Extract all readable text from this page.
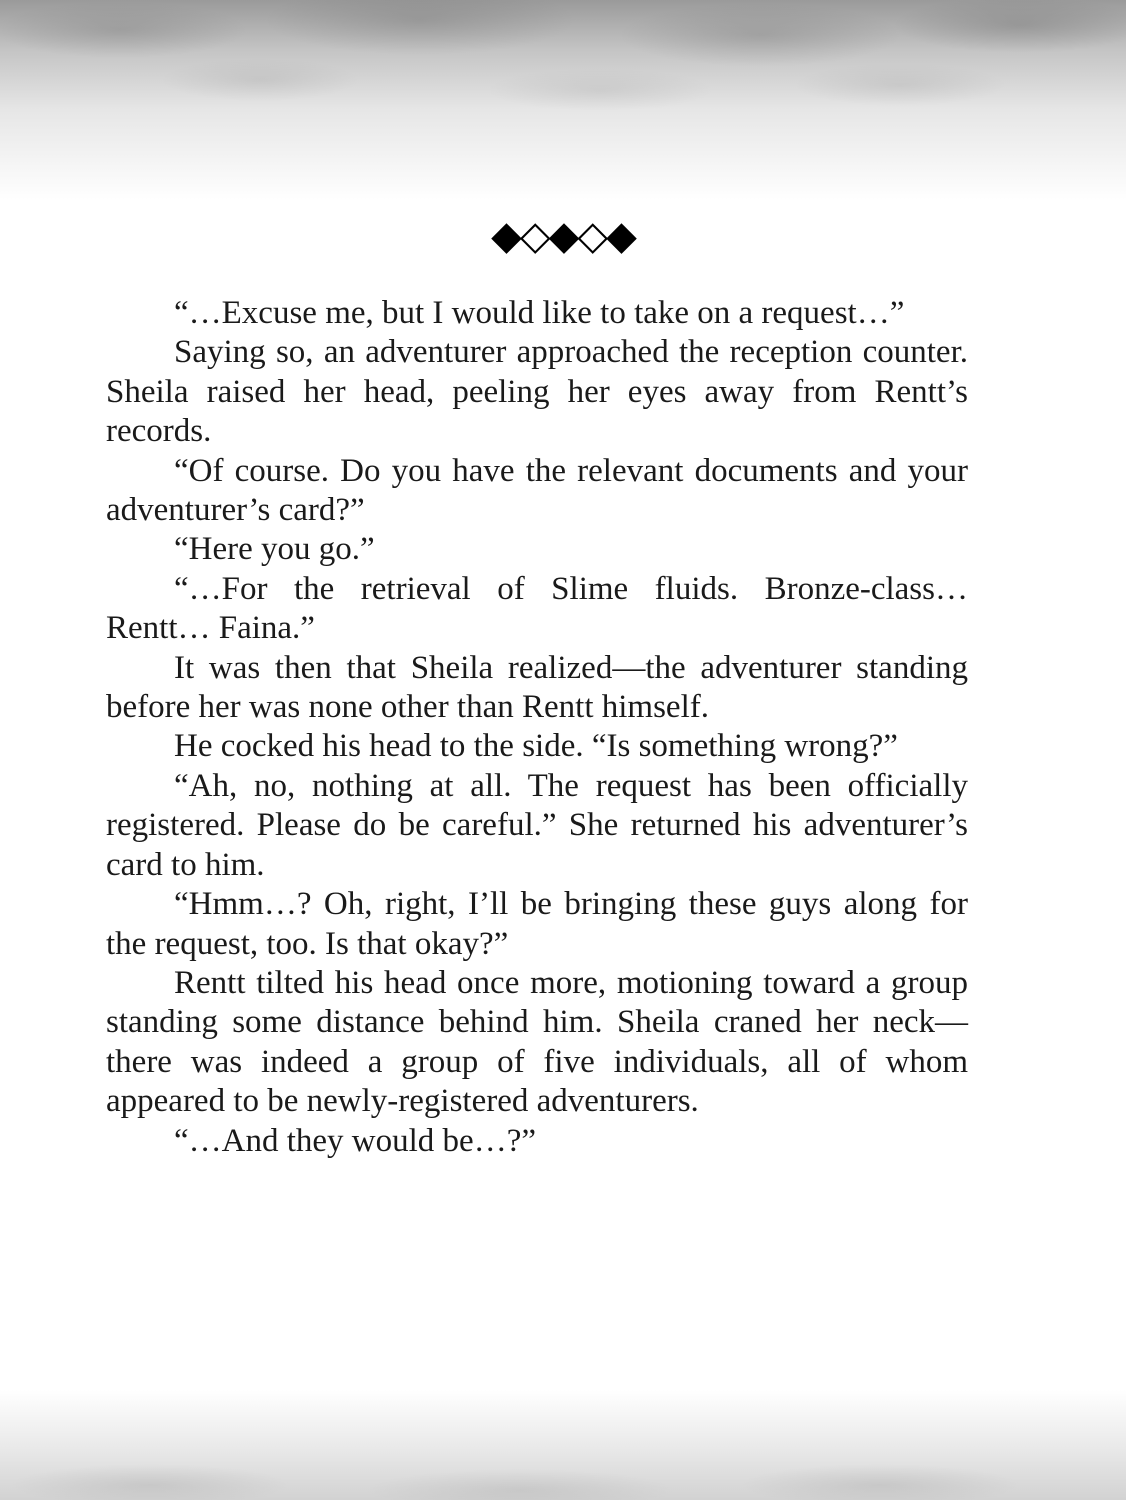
◆◇◆◇◆

“…Excuse me, but I would like to take on a request…”

Saying so, an adventurer approached the reception counter. Sheila raised her head, peeling her eyes away from Rentt’s records.

“Of course. Do you have the relevant documents and your adventurer’s card?”

“Here you go.”

“…For the retrieval of Slime fluids. Bronze-class… Rentt… Faina.”

It was then that Sheila realized—the adventurer standing before her was none other than Rentt himself.

He cocked his head to the side. “Is something wrong?”

“Ah, no, nothing at all. The request has been officially registered. Please do be careful.” She returned his adventurer’s card to him.

“Hmm…? Oh, right, I’ll be bringing these guys along for the request, too. Is that okay?”

Rentt tilted his head once more, motioning toward a group standing some distance behind him. Sheila craned her neck—there was indeed a group of five individuals, all of whom appeared to be newly-registered adventurers.

“…And they would be…?”
